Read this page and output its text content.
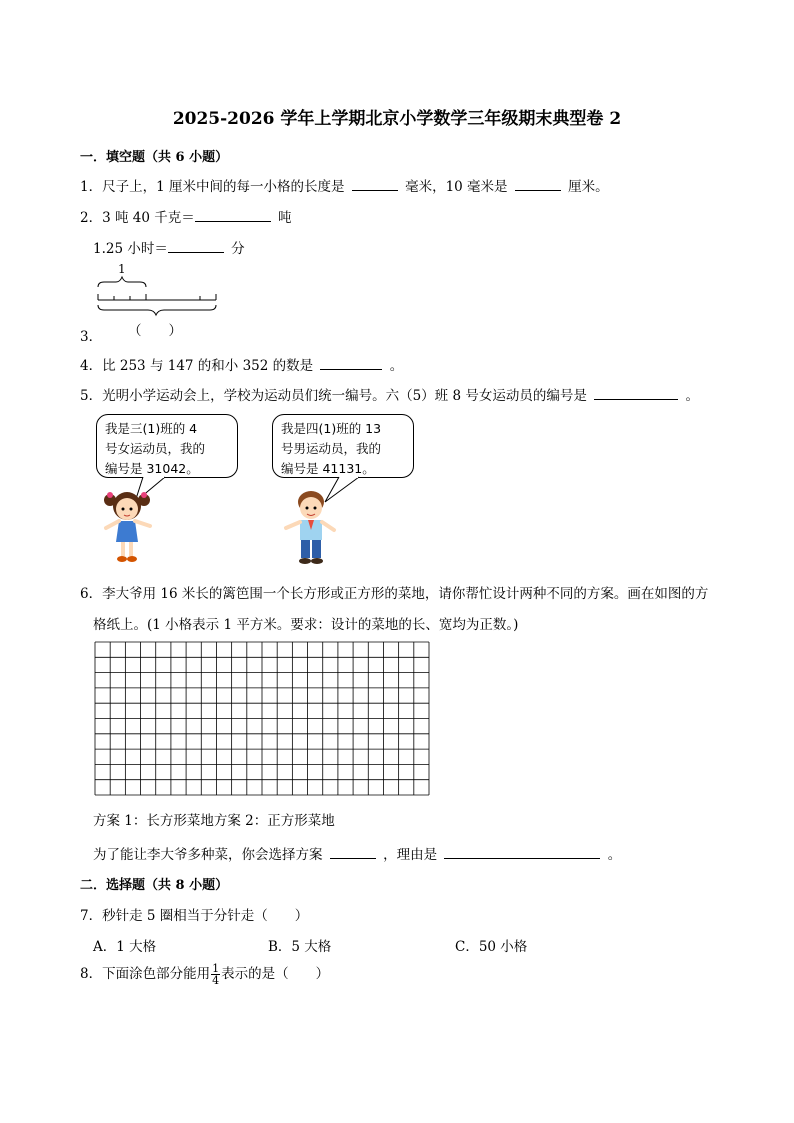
2025-2026 学年上学期北京小学数学三年级期末典型卷 2
一．填空题（共 6 小题）
1．尺子上，1 厘米中间的每一小格的长度是	毫米，10 毫米是	厘米。
2．3 吨 40 千克＝	吨
1.25 小时＝	分
1
3． （　　）
4．比 253 与 147 的和小 352 的数是	。
5．光明小学运动会上，学校为运动员们统一编号。六（5）班 8 号女运动员的编号是	。
我是三(1)班的 4
号女运动员，我的
编号是 31042。
我是四(1)班的 13
号男运动员，我的
编号是 41131。
6．李大爷用 16 米长的篱笆围一个长方形或正方形的菜地，请你帮忙设计两种不同的方案。画在如图的方
格纸上。(1 小格表示 1 平方米。要求：设计的菜地的长、宽均为正数。)
方案 1：长方形菜地方案 2：正方形菜地
为了能让李大爷多种菜，你会选择方案	，理由是	。
二．选择题（共 8 小题）
7．秒针走 5 圈相当于分针走（　　）
A．1 大格	B．5 大格	C．50 小格
8．下面涂色部分能用 $\frac{1}{4}$ 表示的是（　　）
